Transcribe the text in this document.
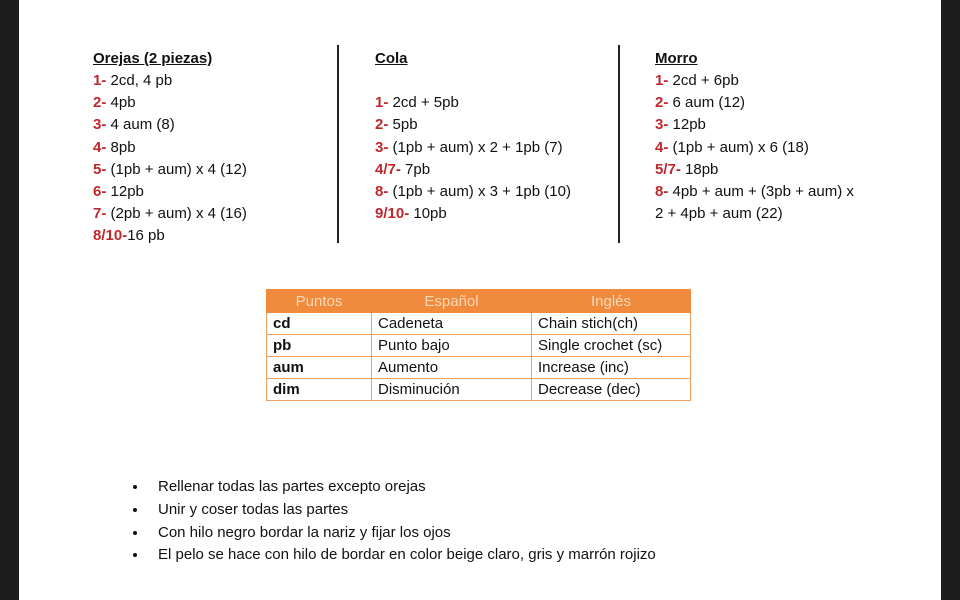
Orejas (2 piezas)
1- 2cd, 4 pb
2- 4pb
3- 4 aum (8)
4- 8pb
5- (1pb + aum) x 4 (12)
6- 12pb
7- (2pb + aum) x 4 (16)
8/10-16 pb
Cola
1- 2cd + 5pb
2- 5pb
3- (1pb + aum) x 2 + 1pb (7)
4/7- 7pb
8- (1pb + aum) x 3 + 1pb (10)
9/10- 10pb
Morro
1- 2cd + 6pb
2- 6 aum (12)
3- 12pb
4- (1pb + aum) x 6 (18)
5/7- 18pb
8- 4pb + aum + (3pb + aum) x
2 + 4pb + aum (22)
Puntos	Español	Inglés
cd	Cadeneta	Chain stich(ch)
pb	Punto bajo	Single crochet (sc)
aum	Aumento	Increase (inc)
dim	Disminución	Decrease (dec)
• Rellenar todas las partes excepto orejas
• Unir y coser todas las partes
• Con hilo negro bordar la nariz y fijar los ojos
• El pelo se hace con hilo de bordar en color beige claro, gris y marrón rojizo
